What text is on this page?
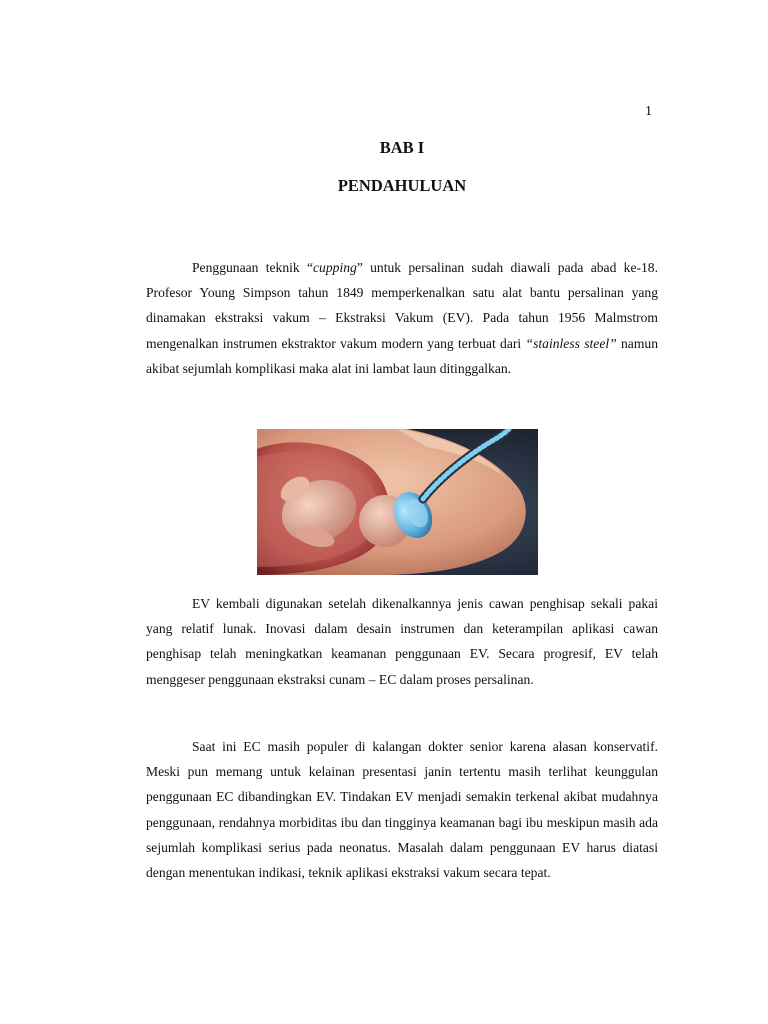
1
BAB I
PENDAHULUAN

Penggunaan teknik “cupping” untuk persalinan sudah diawali pada abad ke-18. Profesor Young Simpson tahun 1849 memperkenalkan satu alat bantu persalinan yang dinamakan ekstraksi vakum – Ekstraksi Vakum (EV). Pada tahun 1956 Malmstrom mengenalkan instrumen ekstraktor vakum modern yang terbuat dari “stainless steel” namun akibat sejumlah komplikasi maka alat ini lambat laun ditinggalkan.

EV kembali digunakan setelah dikenalkannya jenis cawan penghisap sekali pakai yang relatif lunak. Inovasi dalam desain instrumen dan keterampilan aplikasi cawan penghisap telah meningkatkan keamanan penggunaan EV. Secara progresif, EV telah menggeser penggunaan ekstraksi cunam – EC dalam proses persalinan.

Saat ini EC masih populer di kalangan dokter senior karena alasan konservatif. Meski pun memang untuk kelainan presentasi janin tertentu masih terlihat keunggulan penggunaan EC dibandingkan EV. Tindakan EV menjadi semakin terkenal akibat mudahnya penggunaan, rendahnya morbiditas ibu dan tingginya keamanan bagi ibu meskipun masih ada sejumlah komplikasi serius pada neonatus. Masalah dalam penggunaan EV harus diatasi dengan menentukan indikasi, teknik aplikasi ekstraksi vakum secara tepat.
